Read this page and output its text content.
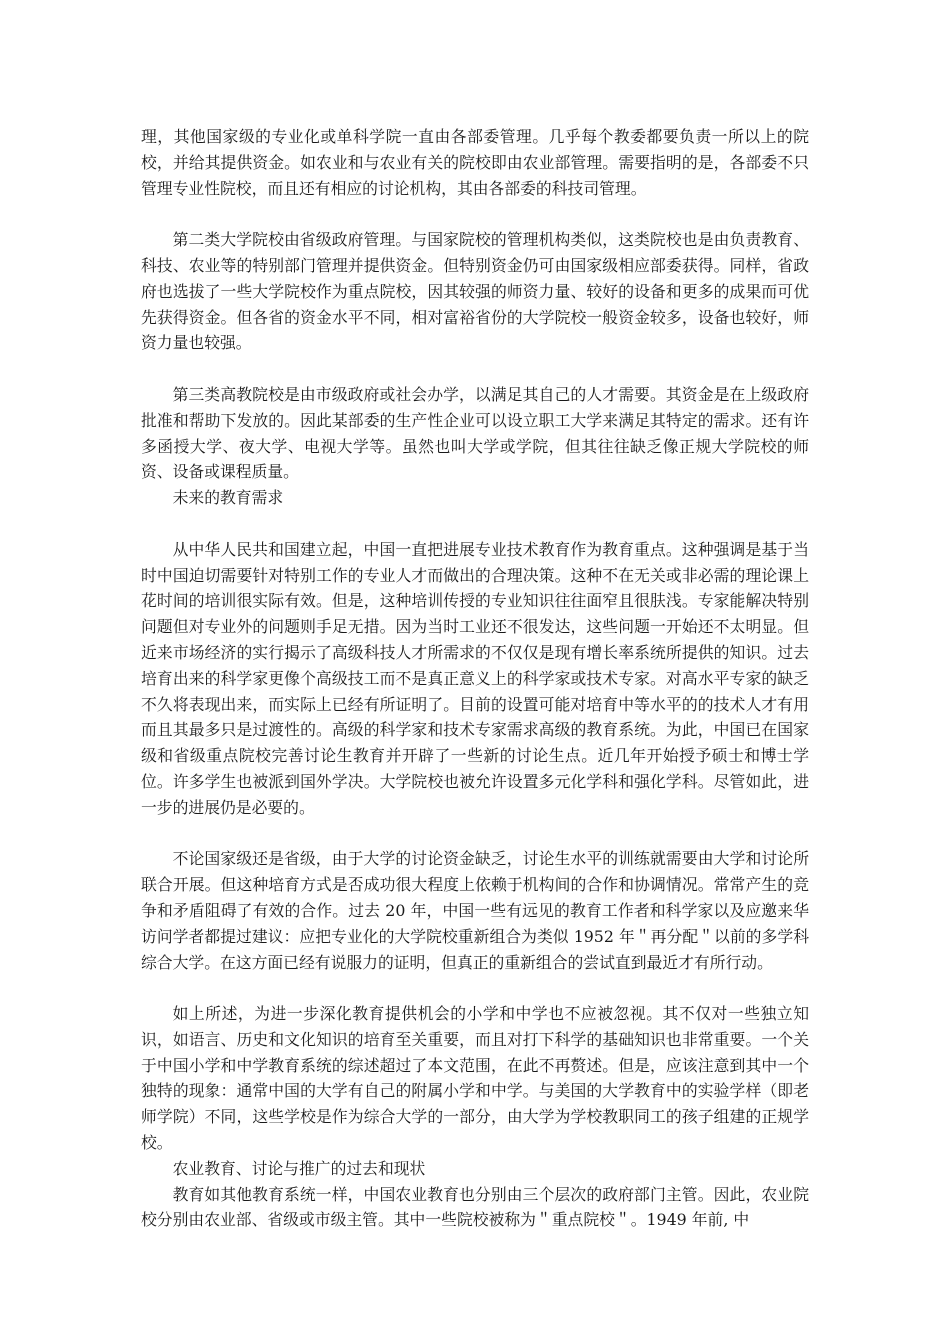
理，其他国家级的专业化或单科学院一直由各部委管理。几乎每个教委都要负责一所以上的院校，并给其提供资金。如农业和与农业有关的院校即由农业部管理。需要指明的是，各部委不只管理专业性院校，而且还有相应的讨论机构，其由各部委的科技司管理。

第二类大学院校由省级政府管理。与国家院校的管理机构类似，这类院校也是由负责教育、科技、农业等的特别部门管理并提供资金。但特别资金仍可由国家级相应部委获得。同样，省政府也选拔了一些大学院校作为重点院校，因其较强的师资力量、较好的设备和更多的成果而可优先获得资金。但各省的资金水平不同，相对富裕省份的大学院校一般资金较多，设备也较好，师资力量也较强。

第三类高教院校是由市级政府或社会办学，以满足其自己的人才需要。其资金是在上级政府批准和帮助下发放的。因此某部委的生产性企业可以设立职工大学来满足其特定的需求。还有许多函授大学、夜大学、电视大学等。虽然也叫大学或学院，但其往往缺乏像正规大学院校的师资、设备或课程质量。

未来的教育需求

从中华人民共和国建立起，中国一直把进展专业技术教育作为教育重点。这种强调是基于当时中国迫切需要针对特别工作的专业人才而做出的合理决策。这种不在无关或非必需的理论课上花时间的培训很实际有效。但是，这种培训传授的专业知识往往面窄且很肤浅。专家能解决特别问题但对专业外的问题则手足无措。因为当时工业还不很发达，这些问题一开始还不太明显。但近来市场经济的实行揭示了高级科技人才所需求的不仅仅是现有增长率系统所提供的知识。过去培育出来的科学家更像个高级技工而不是真正意义上的科学家或技术专家。对高水平专家的缺乏不久将表现出来，而实际上已经有所证明了。目前的设置可能对培育中等水平的的技术人才有用而且其最多只是过渡性的。高级的科学家和技术专家需求高级的教育系统。为此，中国已在国家级和省级重点院校完善讨论生教育并开辟了一些新的讨论生点。近几年开始授予硕士和博士学位。许多学生也被派到国外学决。大学院校也被允许设置多元化学科和强化学科。尽管如此，进一步的进展仍是必要的。

不论国家级还是省级，由于大学的讨论资金缺乏，讨论生水平的训练就需要由大学和讨论所联合开展。但这种培育方式是否成功很大程度上依赖于机构间的合作和协调情况。常常产生的竞争和矛盾阻碍了有效的合作。过去 20 年，中国一些有远见的教育工作者和科学家以及应邀来华访问学者都提过建议：应把专业化的大学院校重新组合为类似 1952 年＂再分配＂以前的多学科综合大学。在这方面已经有说服力的证明，但真正的重新组合的尝试直到最近才有所行动。

如上所述，为进一步深化教育提供机会的小学和中学也不应被忽视。其不仅对一些独立知识，如语言、历史和文化知识的培育至关重要，而且对打下科学的基础知识也非常重要。一个关于中国小学和中学教育系统的综述超过了本文范围，在此不再赘述。但是，应该注意到其中一个独特的现象：通常中国的大学有自己的附属小学和中学。与美国的大学教育中的实验学样（即老师学院）不同，这些学校是作为综合大学的一部分，由大学为学校教职同工的孩子组建的正规学校。

农业教育、讨论与推广的过去和现状

教育如其他教育系统一样，中国农业教育也分别由三个层次的政府部门主管。因此，农业院校分别由农业部、省级或市级主管。其中一些院校被称为＂重点院校＂。1949 年前, 中
